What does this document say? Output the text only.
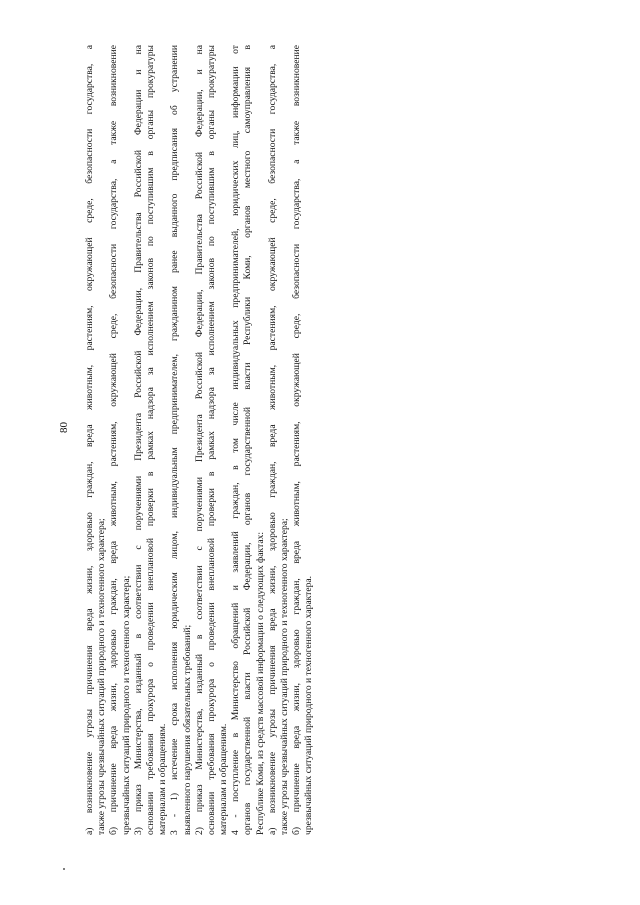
80 а) возникновение угрозы причинения вреда жизни, здоровью граждан, вреда животным, растениям, окружающей среде, безопасности государства, а также угрозы чрезвычайных ситуаций природного и техногенного характера; б) причинение вреда жизни, здоровью граждан, вреда животным, растениям, окружающей среде, безопасности государства, а также возникновение чрезвычайных ситуаций природного и техногенного характера; 3) приказ Министерства, изданный в соответствии с поручениями Президента Российской Федерации, Правительства Российской Федерации и на основании требования прокурора о проведении внеплановой проверки в рамках надзора за исполнением законов по поступившим в органы прокуратуры материалам и обращениям. 3 - 1) истечение срока исполнения юридическим лицом, индивидуальным предпринимателем, гражданином ранее выданного предписания об устранении выявленного нарушения обязательных требований; 2) приказ Министерства, изданный в соответствии с поручениями Президента Российской Федерации, Правительства Российской Федерации, и на основании требования прокурора о проведении внеплановой проверки в рамках надзора за исполнением законов по поступившим в органы прокуратуры материалам и обращениям. 4 - поступление в Министерство обращений и заявлений граждан, в том числе индивидуальных предпринимателей, юридических лиц, информации от органов государственной власти Российской Федерации, органов государственной власти Республики Коми, органов местного самоуправления в Республике Коми, из средств массовой информации о следующих фактах: а) возникновение угрозы причинения вреда жизни, здоровью граждан, вреда животным, растениям, окружающей среде, безопасности государства, а также угрозы чрезвычайных ситуаций природного и техногенного характера; б) причинение вреда жизни, здоровью граждан, вреда животным, растениям, окружающей среде, безопасности государства, а также возникновение чрезвычайных ситуаций природного и техногенного характера.
